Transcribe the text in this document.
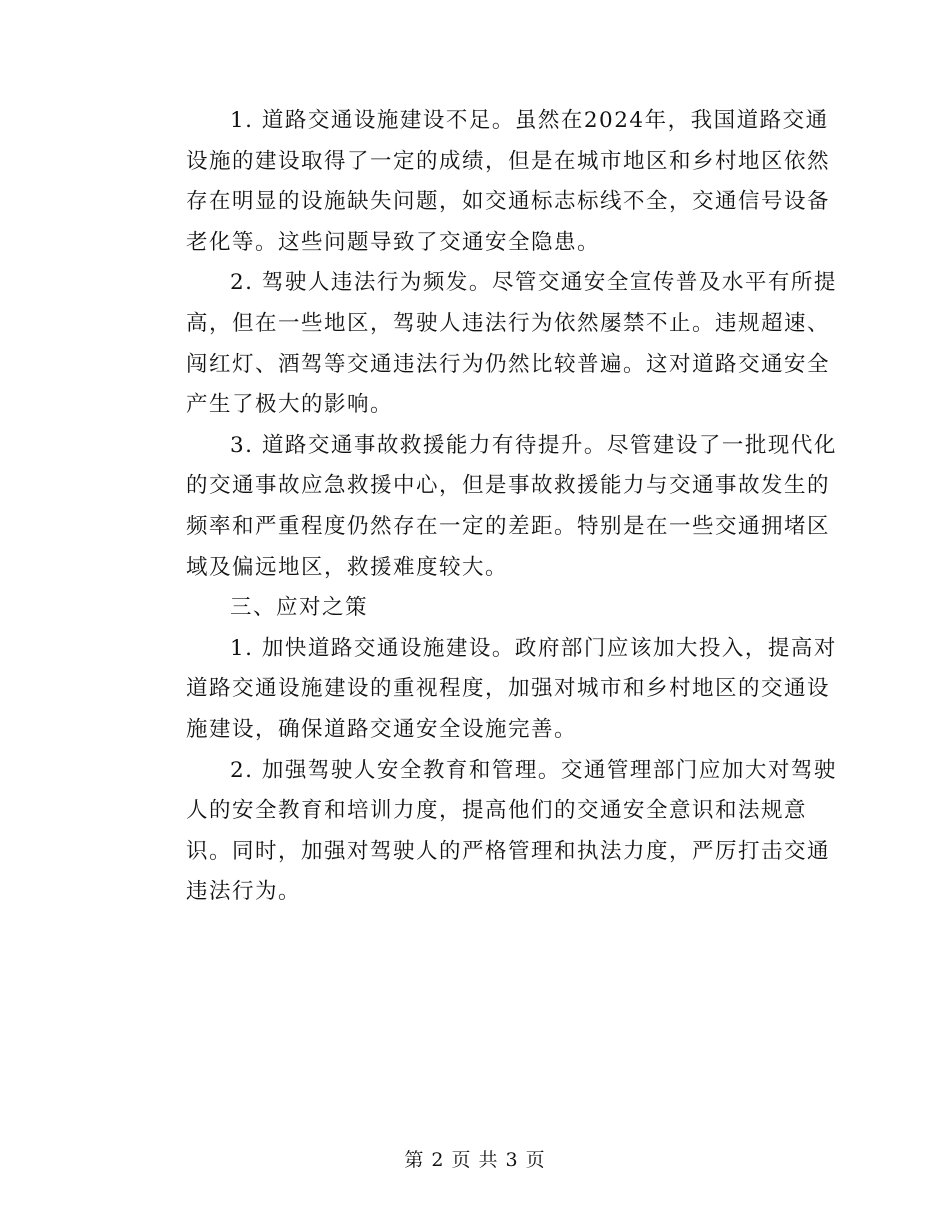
1. 道路交通设施建设不足。虽然在2024年，我国道路交通
设施的建设取得了一定的成绩，但是在城市地区和乡村地区依然
存在明显的设施缺失问题，如交通标志标线不全，交通信号设备
老化等。这些问题导致了交通安全隐患。

2. 驾驶人违法行为频发。尽管交通安全宣传普及水平有所提
高，但在一些地区，驾驶人违法行为依然屡禁不止。违规超速、
闯红灯、酒驾等交通违法行为仍然比较普遍。这对道路交通安全
产生了极大的影响。

3. 道路交通事故救援能力有待提升。尽管建设了一批现代化
的交通事故应急救援中心，但是事故救援能力与交通事故发生的
频率和严重程度仍然存在一定的差距。特别是在一些交通拥堵区
域及偏远地区，救援难度较大。

三、应对之策

1. 加快道路交通设施建设。政府部门应该加大投入，提高对
道路交通设施建设的重视程度，加强对城市和乡村地区的交通设
施建设，确保道路交通安全设施完善。

2. 加强驾驶人安全教育和管理。交通管理部门应加大对驾驶
人的安全教育和培训力度，提高他们的交通安全意识和法规意
识。同时，加强对驾驶人的严格管理和执法力度，严厉打击交通
违法行为。

第 2 页 共 3 页
